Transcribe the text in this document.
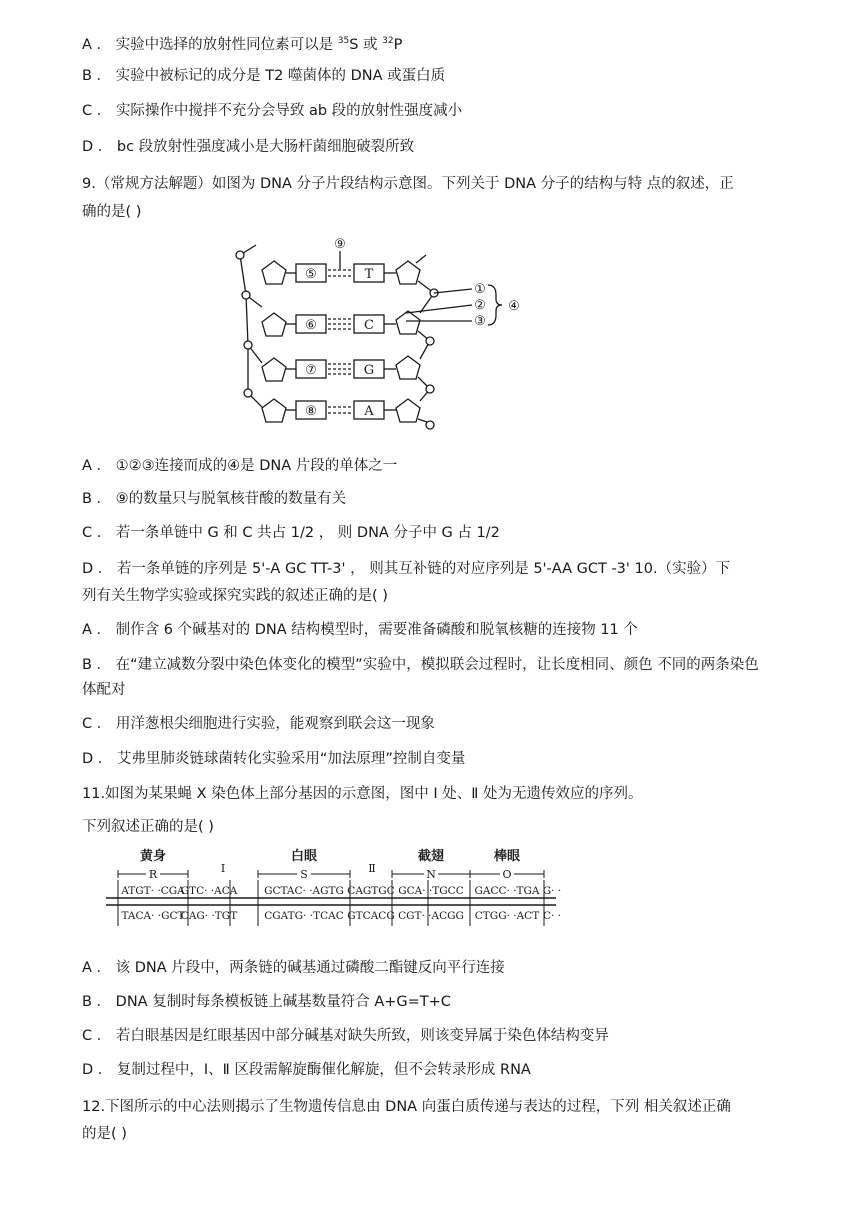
A ． 实验中选择的放射性同位素可以是 $^{35}$S 或 $^{32}$P
B ． 实验中被标记的成分是 T2 噬菌体的 DNA 或蛋白质
C ． 实际操作中搅拌不充分会导致 ab 段的放射性强度减小
D ． bc 段放射性强度减小是大肠杆菌细胞破裂所致
9.（常规方法解题）如图为 DNA 分子片段结构示意图。下列关于 DNA 分子的结构与特 点的叙述，正
确的是( )
⑤
⑥
⑦
⑧
T
C
G
A
⑨
①
②
③
④
A ． ①②③连接而成的④是 DNA 片段的单体之一
B ． ⑨的数量只与脱氧核苷酸的数量有关
C ． 若一条单链中 G 和 C 共占 1/2 ， 则 DNA 分子中 G 占 1/2
D ． 若一条单链的序列是 5'-A GC TT-3' ， 则其互补链的对应序列是 5'-AA GCT -3' 10.（实验）下
列有关生物学实验或探究实践的叙述正确的是( )
A ． 制作含 6 个碱基对的 DNA 结构模型时，需要准备磷酸和脱氧核糖的连接物 11 个
B ． 在“建立减数分裂中染色体变化的模型”实验中，模拟联会过程时，让长度相同、颜色 不同的两条染色
体配对
C ． 用洋葱根尖细胞进行实验，能观察到联会这一现象
D ． 艾弗里肺炎链球菌转化实验采用“加法原理”控制自变量
11.如图为某果蝇 X 染色体上部分基因的示意图，图中 Ⅰ 处、Ⅱ 处为无遗传效应的序列。
下列叙述正确的是( )
黄身	白眼	截翅	棒眼
R	S	N	O
Ⅰ	Ⅱ
ATGT· ·CGA
GTC· ·ACA	GCTAC· ·AGTG CAGTGC GCA· ·TGCC GACC· ·TGA G· ·
TACA· ·GCT
CAG· ·TGT	CGATG· ·TCAC GTCACG CGT· ·ACGG CTGG· ·ACT C· ·
A ． 该 DNA 片段中，两条链的碱基通过磷酸二酯键反向平行连接
B ． DNA 复制时每条模板链上碱基数量符合 A+G=T+C
C ． 若白眼基因是红眼基因中部分碱基对缺失所致，则该变异属于染色体结构变异
D ． 复制过程中，Ⅰ、Ⅱ 区段需解旋酶催化解旋，但不会转录形成 RNA
12.下图所示的中心法则揭示了生物遗传信息由 DNA 向蛋白质传递与表达的过程，下列 相关叙述正确
的是( )
